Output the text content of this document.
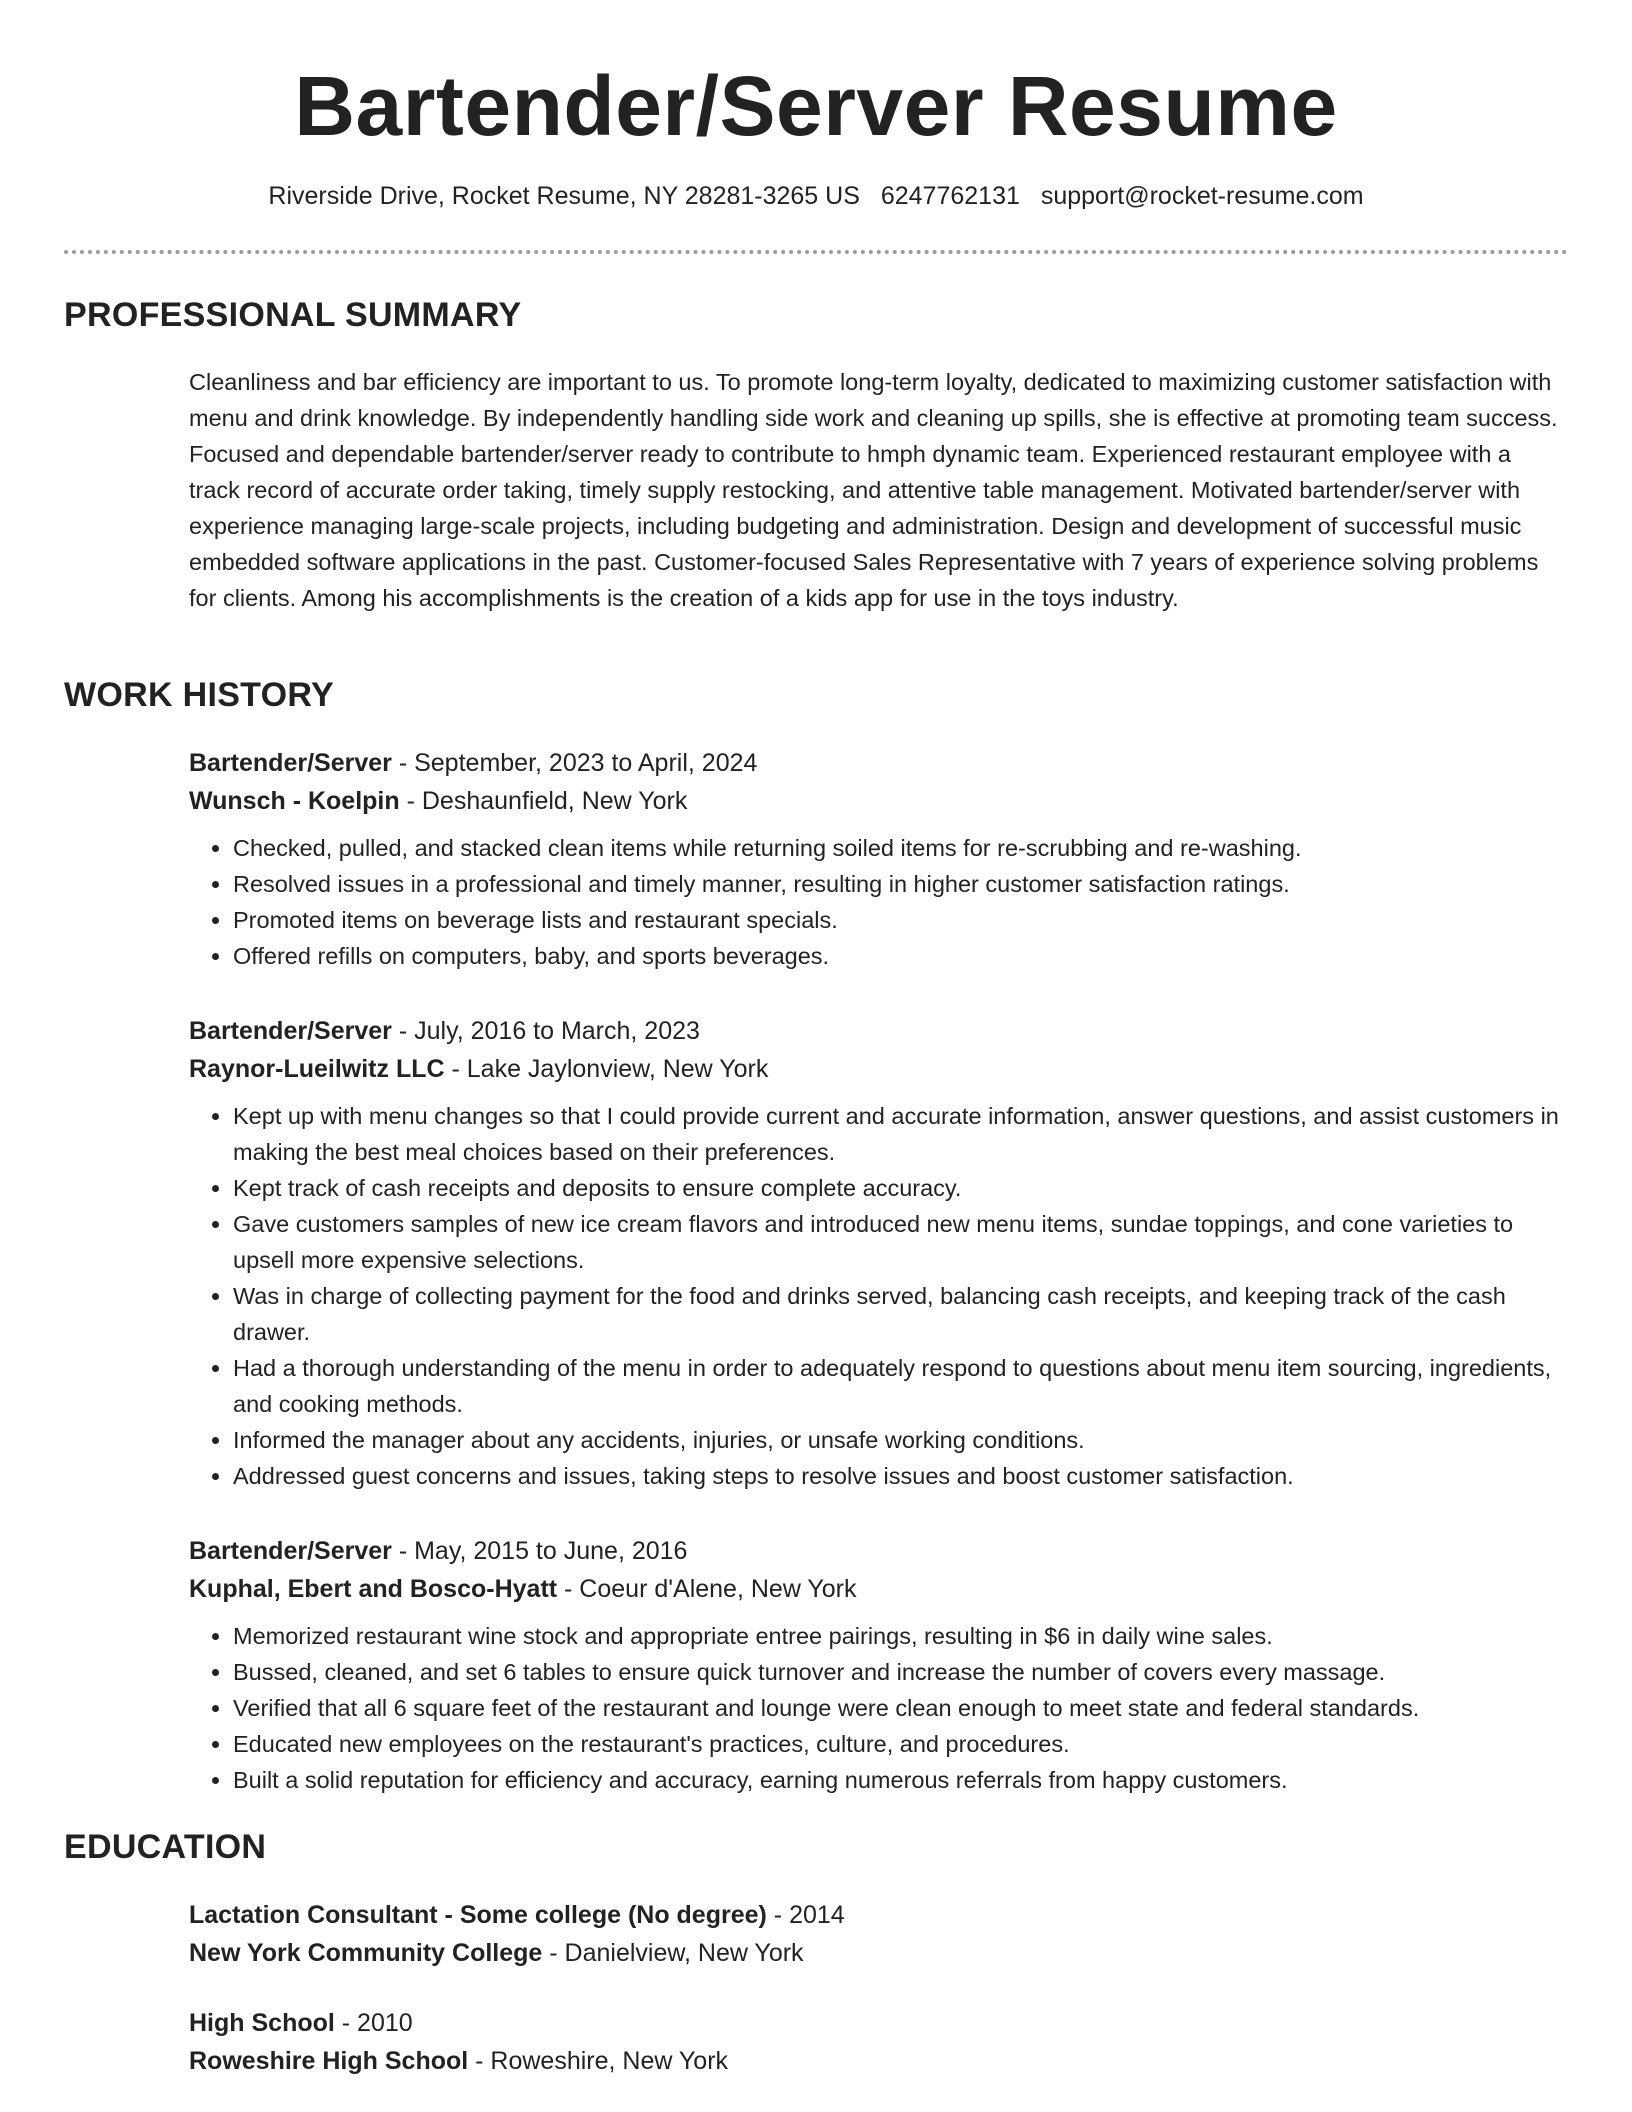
Bartender/Server Resume
Riverside Drive, Rocket Resume, NY 28281-3265 US 6247762131 support@rocket-resume.com
PROFESSIONAL SUMMARY

Cleanliness and bar efficiency are important to us. To promote long-term loyalty, dedicated to maximizing customer satisfaction with menu and drink knowledge. By independently handling side work and cleaning up spills, she is effective at promoting team success. Focused and dependable bartender/server ready to contribute to hmph dynamic team. Experienced restaurant employee with a track record of accurate order taking, timely supply restocking, and attentive table management. Motivated bartender/server with experience managing large-scale projects, including budgeting and administration. Design and development of successful music embedded software applications in the past. Customer-focused Sales Representative with 7 years of experience solving problems for clients. Among his accomplishments is the creation of a kids app for use in the toys industry.

WORK HISTORY

Bartender/Server - September, 2023 to April, 2024

Wunsch - Koelpin - Deshaunfield, New York

• Checked, pulled, and stacked clean items while returning soiled items for re-scrubbing and re-washing.
• Resolved issues in a professional and timely manner, resulting in higher customer satisfaction ratings.
• Promoted items on beverage lists and restaurant specials.
• Offered refills on computers, baby, and sports beverages.

Bartender/Server - July, 2016 to March, 2023

Raynor-Lueilwitz LLC - Lake Jaylonview, New York

• Kept up with menu changes so that I could provide current and accurate information, answer questions, and assist customers in making the best meal choices based on their preferences.
• Kept track of cash receipts and deposits to ensure complete accuracy.
• Gave customers samples of new ice cream flavors and introduced new menu items, sundae toppings, and cone varieties to upsell more expensive selections.
• Was in charge of collecting payment for the food and drinks served, balancing cash receipts, and keeping track of the cash drawer.
• Had a thorough understanding of the menu in order to adequately respond to questions about menu item sourcing, ingredients, and cooking methods.
• Informed the manager about any accidents, injuries, or unsafe working conditions.
• Addressed guest concerns and issues, taking steps to resolve issues and boost customer satisfaction.

Bartender/Server - May, 2015 to June, 2016

Kuphal, Ebert and Bosco-Hyatt - Coeur d'Alene, New York

• Memorized restaurant wine stock and appropriate entree pairings, resulting in $6 in daily wine sales.
• Bussed, cleaned, and set 6 tables to ensure quick turnover and increase the number of covers every massage.
• Verified that all 6 square feet of the restaurant and lounge were clean enough to meet state and federal standards.
• Educated new employees on the restaurant's practices, culture, and procedures.
• Built a solid reputation for efficiency and accuracy, earning numerous referrals from happy customers.
EDUCATION

Lactation Consultant - Some college (No degree) - 2014

New York Community College - Danielview, New York

High School - 2010

Roweshire High School - Roweshire, New York
